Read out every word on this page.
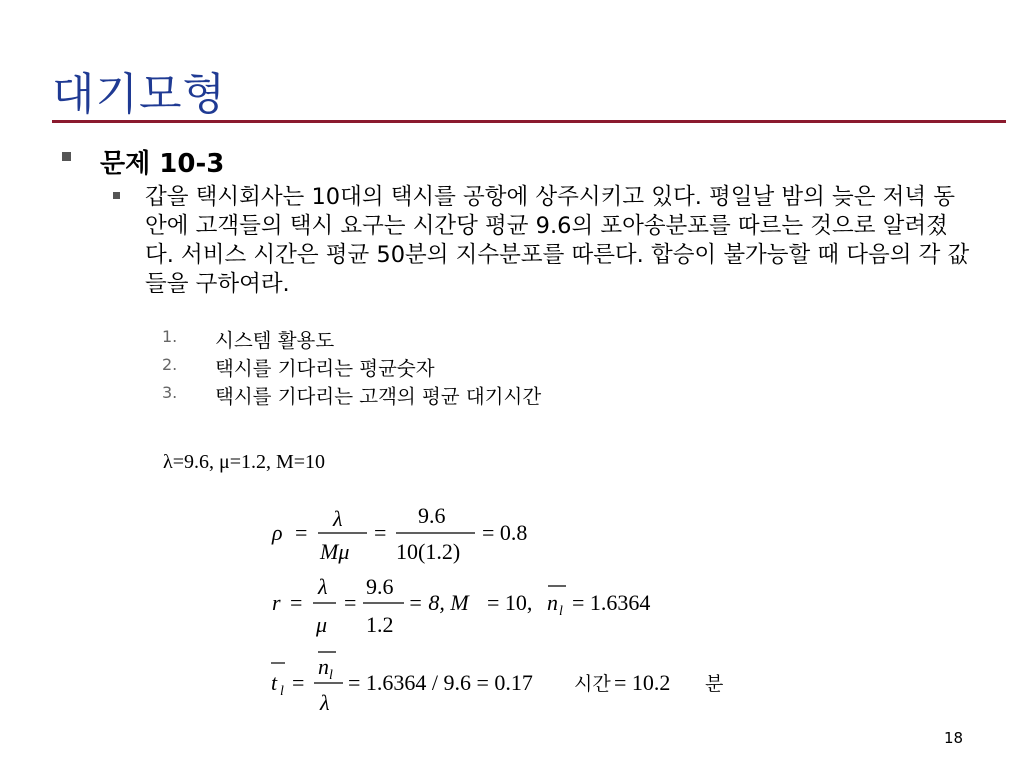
대기모형
문제 10-3
갑을 택시회사는 10대의 택시를 공항에 상주시키고 있다. 평일날 밤의 늦은 저녁 동안에 고객들의 택시 요구는 시간당 평균 9.6의 포아송분포를 따르는 것으로 알려졌다. 서비스 시간은 평균 50분의 지수분포를 따른다. 합승이 불가능할 때 다음의 각 값들을 구하여라.
1. 시스템 활용도
2. 택시를 기다리는 평균숫자
3. 택시를 기다리는 고객의 평균 대기시간
λ=9.6, μ=1.2, M=10
ρ =
λ
Mμ
=
9.6
10(1.2)
= 0.8
r =
λ
μ
=
9.6
1.2
= 8, M = 10, n l = 1.6364
t l =
n l
λ
= 1.6364 / 9.6 = 0.17 시간 = 10.2 분
18
